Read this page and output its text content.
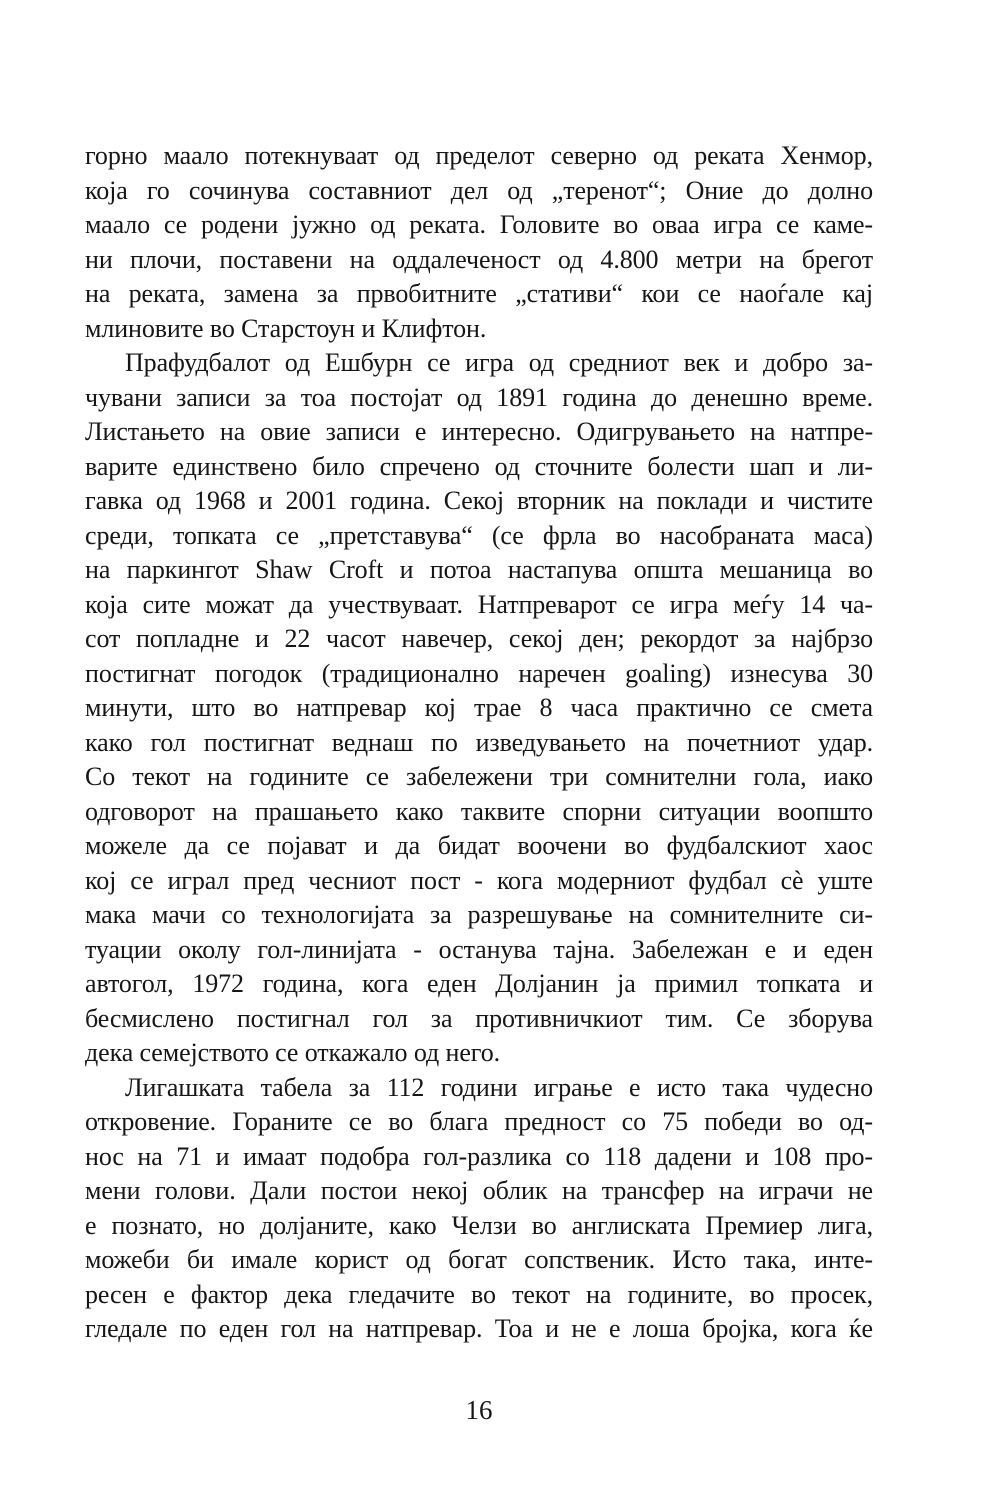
горно маало потекнуваат од пределот северно од реката Хенмор,
која го сочинува составниот дел од „теренот“; Оние до долно
маало се родени јужно од реката. Головите во оваа игра се каме-
ни плочи, поставени на оддалеченост од 4.800 метри на брегот
на реката, замена за првобитните „стативи“ кои се наоѓале кај
млиновите во Старстоун и Клифтон.
Прафудбалот од Ешбурн се игра од средниот век и добро за-
чувани записи за тоа постојат од 1891 година до денешно време.
Листањето на овие записи е интересно. Одигрувањето на натпре-
варите единствено било спречено од сточните болести шап и ли-
гавка од 1968 и 2001 година. Секој вторник на поклади и чистите
среди, топката се „претставува“ (се фрла во насобраната маса)
на паркингот Shaw Croft и потоа настапува општа мешаница во
која сите можат да учествуваат. Натпреварот се игра меѓу 14 ча-
сот попладне и 22 часот навечер, секој ден; рекордот за најбрзо
постигнат погодок (традиционално наречен goaling) изнесува 30
минути, што во натпревар кој трае 8 часа практично се смета
како гол постигнат веднаш по изведувањето на почетниот удар.
Со текот на годините се забележени три сомнителни гола, иако
одговорот на прашањето како таквите спорни ситуации воопшто
можеле да се појават и да бидат воочени во фудбалскиот хаос
кој се играл пред чесниот пост - кога модерниот фудбал сѐ уште
мака мачи со технологијата за разрешување на сомнителните си-
туации околу гол-линијата - останува тајна. Забележан е и еден
автогол, 1972 година, кога еден Долјанин ја примил топката и
бесмислено постигнал гол за противничкиот тим. Се зборува
дека семејството се откажало од него.
Лигашката табела за 112 години играње е исто така чудесно
откровение. Гораните се во блага предност со 75 победи во од-
нос на 71 и имаат подобра гол-разлика со 118 дадени и 108 про-
мени голови. Дали постои некој облик на трансфер на играчи не
е познато, но долјаните, како Челзи во англиската Премиер лига,
можеби би имале корист од богат сопственик. Исто така, инте-
ресен е фактор дека гледачите во текот на годините, во просек,
гледале по еден гол на натпревар. Тоа и не е лоша бројка, кога ќе
16
